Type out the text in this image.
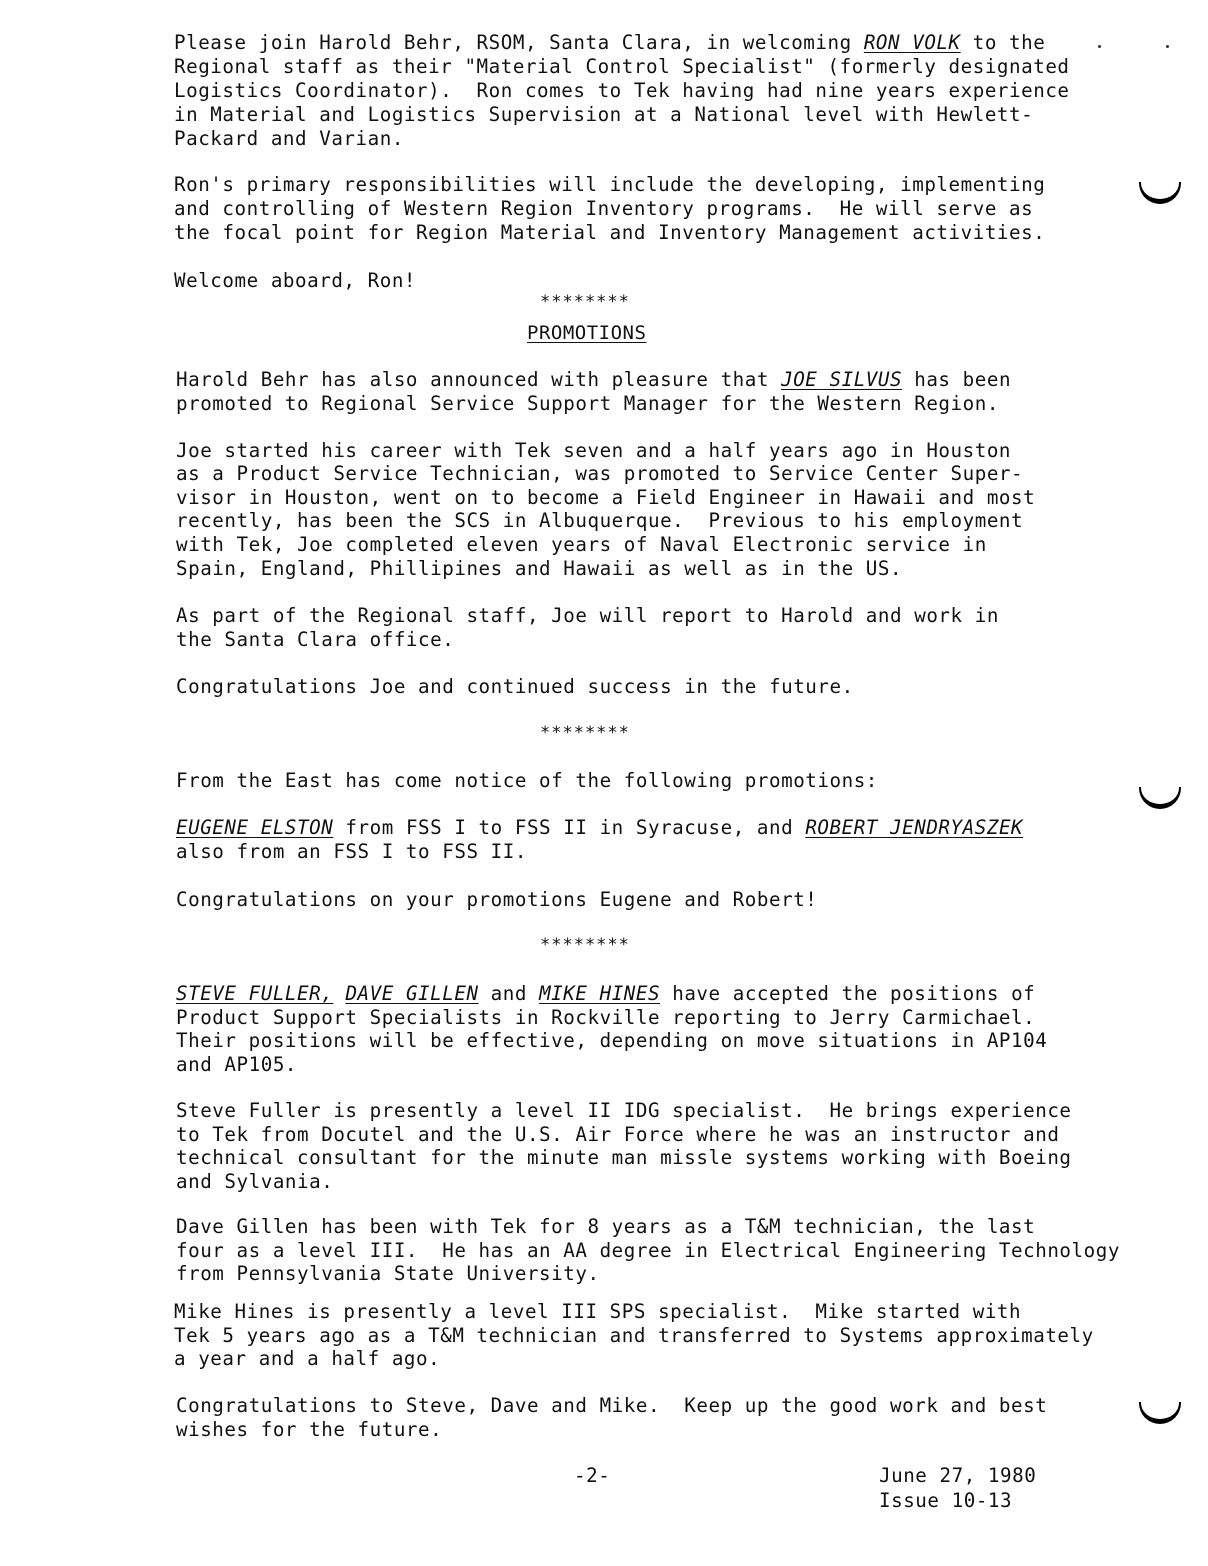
Please join Harold Behr, RSOM, Santa Clara, in welcoming RON VOLK to the
Regional staff as their "Material Control Specialist" (formerly designated
Logistics Coordinator).  Ron comes to Tek having had nine years experience
in Material and Logistics Supervision at a National level with Hewlett-
Packard and Varian.
Ron's primary responsibilities will include the developing, implementing
and controlling of Western Region Inventory programs.  He will serve as
the focal point for Region Material and Inventory Management activities.
Welcome aboard, Ron!
********
PROMOTIONS
Harold Behr has also announced with pleasure that JOE SILVUS has been
promoted to Regional Service Support Manager for the Western Region.
Joe started his career with Tek seven and a half years ago in Houston
as a Product Service Technician, was promoted to Service Center Super-
visor in Houston, went on to become a Field Engineer in Hawaii and most
recently, has been the SCS in Albuquerque.  Previous to his employment
with Tek, Joe completed eleven years of Naval Electronic service in
Spain, England, Phillipines and Hawaii as well as in the US.
As part of the Regional staff, Joe will report to Harold and work in
the Santa Clara office.
Congratulations Joe and continued success in the future.
********
From the East has come notice of the following promotions:
EUGENE ELSTON from FSS I to FSS II in Syracuse, and ROBERT JENDRYASZEK
also from an FSS I to FSS II.
Congratulations on your promotions Eugene and Robert!
********
STEVE FULLER, DAVE GILLEN and MIKE HINES have accepted the positions of
Product Support Specialists in Rockville reporting to Jerry Carmichael.
Their positions will be effective, depending on move situations in AP104
and AP105.
Steve Fuller is presently a level II IDG specialist.  He brings experience
to Tek from Docutel and the U.S. Air Force where he was an instructor and
technical consultant for the minute man missle systems working with Boeing
and Sylvania.
Dave Gillen has been with Tek for 8 years as a T&M technician, the last
four as a level III.  He has an AA degree in Electrical Engineering Technology
from Pennsylvania State University.
Mike Hines is presently a level III SPS specialist.  Mike started with
Tek 5 years ago as a T&M technician and transferred to Systems approximately
a year and a half ago.
Congratulations to Steve, Dave and Mike.  Keep up the good work and best
wishes for the future.
-2-	June 27, 1980
Issue 10-13
